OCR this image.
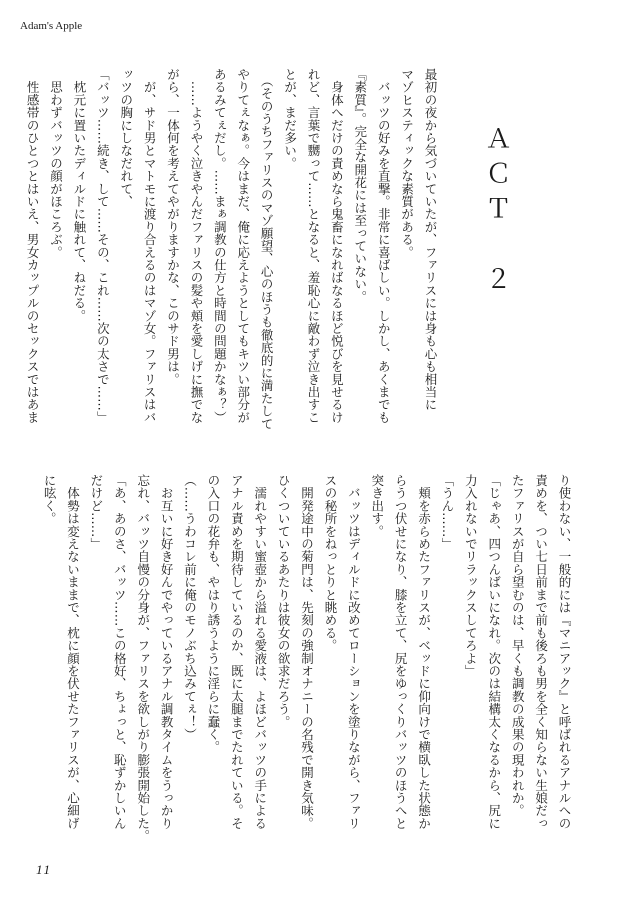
Adam's Apple
ＡＣＴ　２

最初の夜から気づいていたが、ファリスには身も心も相当に

マゾヒスティックな素質がある。

　バッツの好みを直撃。非常に喜ばしい。しかし、あくまでも

『素質』。完全な開花には至っていない。

　身体へだけの責めなら鬼畜になればなるほど悦びを見せるけ

れど、言葉で嬲って……となると、羞恥心に敵わず泣き出すこ

とが、まだ多い。

　（そのうちファリスのマゾ願望、心のほうも徹底的に満たして

やりてぇなぁ。今はまだ、俺に応えようとしてもキツい部分が

あるみてぇだし。……まぁ調教の仕方と時間の問題かなぁ？）

　……ようやく泣きやんだファリスの髪や頬を愛しげに撫でな

がら、一体何を考えてやがりますかな、このサド男は。

　が、サド男とマトモに渡り合えるのはマゾ女。ファリスはバ

ッツの胸にしなだれて、

「バッツ……続き、して……その、これ……次の太さで……」

　枕元に置いたディルドに触れて、ねだる。

　思わずバッツの顔がほころぶ。

　性感帯のひとつとはいえ、男女カップルのセックスではあま

り使わない、一般的には『マニアック』と呼ばれるアナルへの

責めを、つい七日前まで前も後ろも男を全く知らない生娘だっ

たファリスが自ら望むのは、早くも調教の成果の現われか。

「じゃあ、四つんばいになれ。次のは結構太くなるから、尻に

力入れないでリラックスしてろよ」

「うん……」

　頬を赤らめたファリスが、ベッドに仰向けで横臥した状態か

らうつ伏せになり、膝を立て、尻をゆっくりバッツのほうへと

突き出す。

　バッツはディルドに改めてローションを塗りながら、ファリ

スの秘所をねっとりと眺める。

　開発途中の菊門は、先刻の強制オナニーの名残で開き気味。

ひくついているあたりは彼女の欲求だろう。

　濡れやすい蜜壺から溢れる愛液は、よほどバッツの手による

アナル責めを期待しているのか、既に太腿までたれている。そ

の入口の花弁も、やはり誘うように淫らに蠢く。

（……うわコレ前に俺のモノぶち込みてぇ！）

　お互いに好き好んでやっているアナル調教タイムをうっかり

忘れ、バッツ自慢の分身が、ファリスを欲しがり膨張開始した。

「あ、あのさ、バッツ……この格好、ちょっと、恥ずかしいん

だけど……」

　体勢は変えないままで、枕に顔を伏せたファリスが、心細げ

に呟く。

11
